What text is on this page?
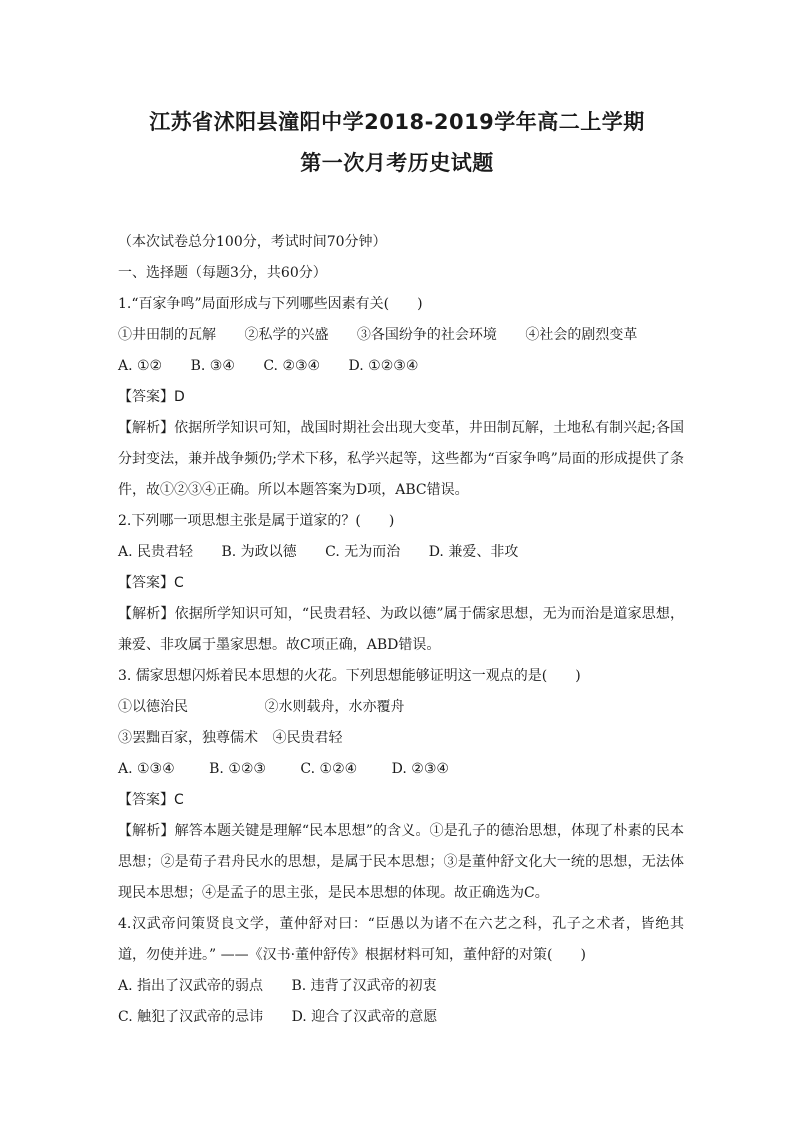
江苏省沭阳县潼阳中学2018-2019学年高二上学期
第一次月考历史试题
（本次试卷总分100分，考试时间70分钟）
一、选择题（每题3分，共60分）
1.“百家争鸣”局面形成与下列哪些因素有关(　　)
①井田制的瓦解 ②私学的兴盛 ③各国纷争的社会环境 ④社会的剧烈变革
A. ①② B. ③④ C. ②③④ D. ①②③④
【答案】D
【解析】依据所学知识可知，战国时期社会出现大变革，井田制瓦解，土地私有制兴起;各国分封变法，兼并战争频仍;学术下移，私学兴起等，这些都为“百家争鸣”局面的形成提供了条件，故①②③④正确。所以本题答案为D项，ABC错误。
2.下列哪一项思想主张是属于道家的？(　　)
A. 民贵君轻 B. 为政以德 C. 无为而治 D. 兼爱、非攻
【答案】C
【解析】依据所学知识可知，“民贵君轻、为政以德”属于儒家思想，无为而治是道家思想，兼爱、非攻属于墨家思想。故C项正确，ABD错误。
3. 儒家思想闪烁着民本思想的火花。下列思想能够证明这一观点的是(　　)
①以德治民	②水则载舟，水亦覆舟
③罢黜百家，独尊儒术 ④民贵君轻
A. ①③④ B. ①②③ C. ①②④ D. ②③④
【答案】C
【解析】解答本题关键是理解“民本思想”的含义。①是孔子的德治思想，体现了朴素的民本思想；②是荀子君舟民水的思想，是属于民本思想；③是董仲舒文化大一统的思想，无法体现民本思想；④是孟子的思主张，是民本思想的体现。故正确选为C。
4.汉武帝问策贤良文学，董仲舒对曰：“臣愚以为诸不在六艺之科，孔子之术者，皆绝其道，勿使并进。” ——《汉书·董仲舒传》根据材料可知，董仲舒的对策(　　)
A. 指出了汉武帝的弱点 B. 违背了汉武帝的初衷
C. 触犯了汉武帝的忌讳 D. 迎合了汉武帝的意愿
